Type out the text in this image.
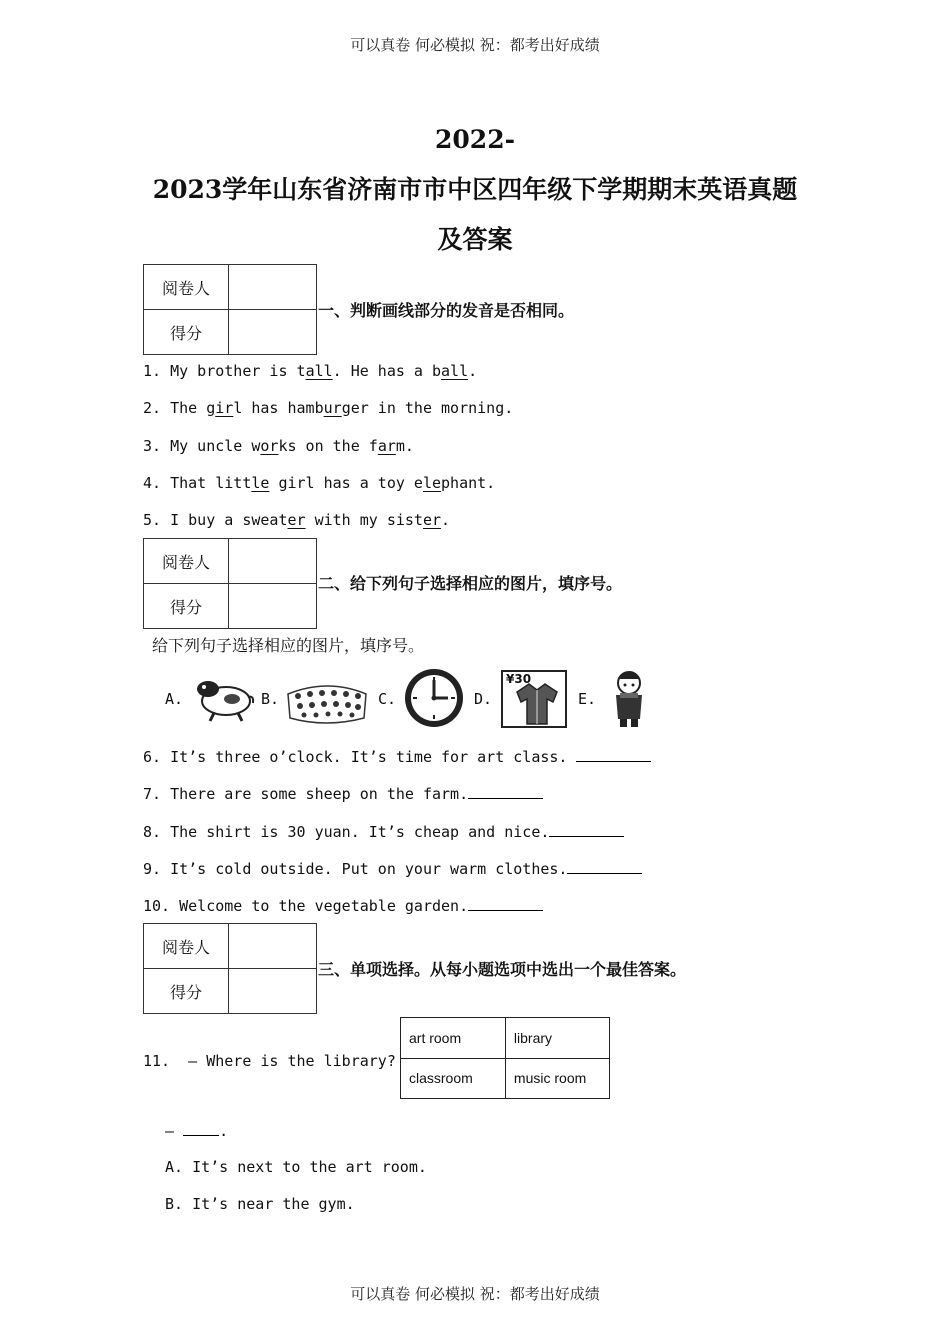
可以真卷 何必模拟 祝：都考出好成绩
可以真卷 何必模拟 祝：都考出好成绩
2022-
2023学年山东省济南市市中区四年级下学期期末英语真题
及答案
阅卷人	
得分	
一、判断画线部分的发音是否相同。
1. My brother is tall. He has a ball.
2. The girl has hamburger in the morning.
3. My uncle works on the farm.
4. That little girl has a toy elephant.
5. I buy a sweater with my sister.
阅卷人	
得分	
二、给下列句子选择相应的图片，填序号。
给下列句子选择相应的图片，填序号。
A.	B.	C.	D.
¥30
E.
6. It’s three o’clock. It’s time for art class.
7. There are some sheep on the farm.
8. The shirt is 30 yuan. It’s cheap and nice.
9. It’s cold outside. Put on your warm clothes.
10. Welcome to the vegetable garden.
阅卷人	
得分	
三、单项选择。从每小题选项中选出一个最佳答案。
11.  — Where is the library?
art room	library
classroom	music room
— .
A. It’s next to the art room.
B. It’s near the gym.
